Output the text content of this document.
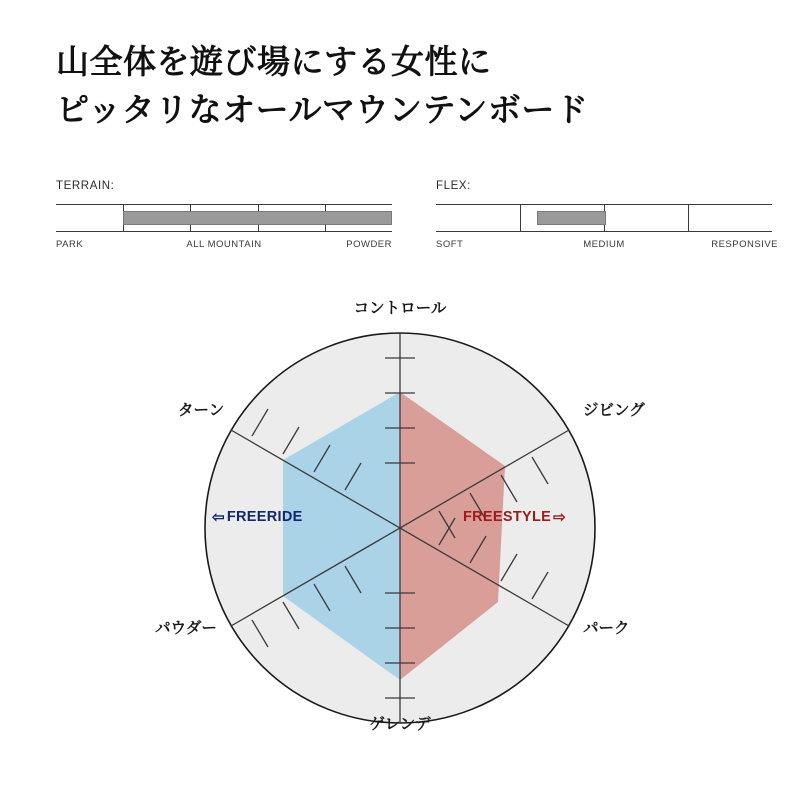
山全体を遊び場にする女性に
ピッタリなオールマウンテンボード
TERRAIN:
PARK	ALL MOUNTAIN	POWDER
FLEX:
SOFT	MEDIUM	RESPONSIVE
コントロール
ジビング
パーク
ゲレンデ
パウダー
ターン
⇦ FREERIDE	FREESTYLE ⇨
